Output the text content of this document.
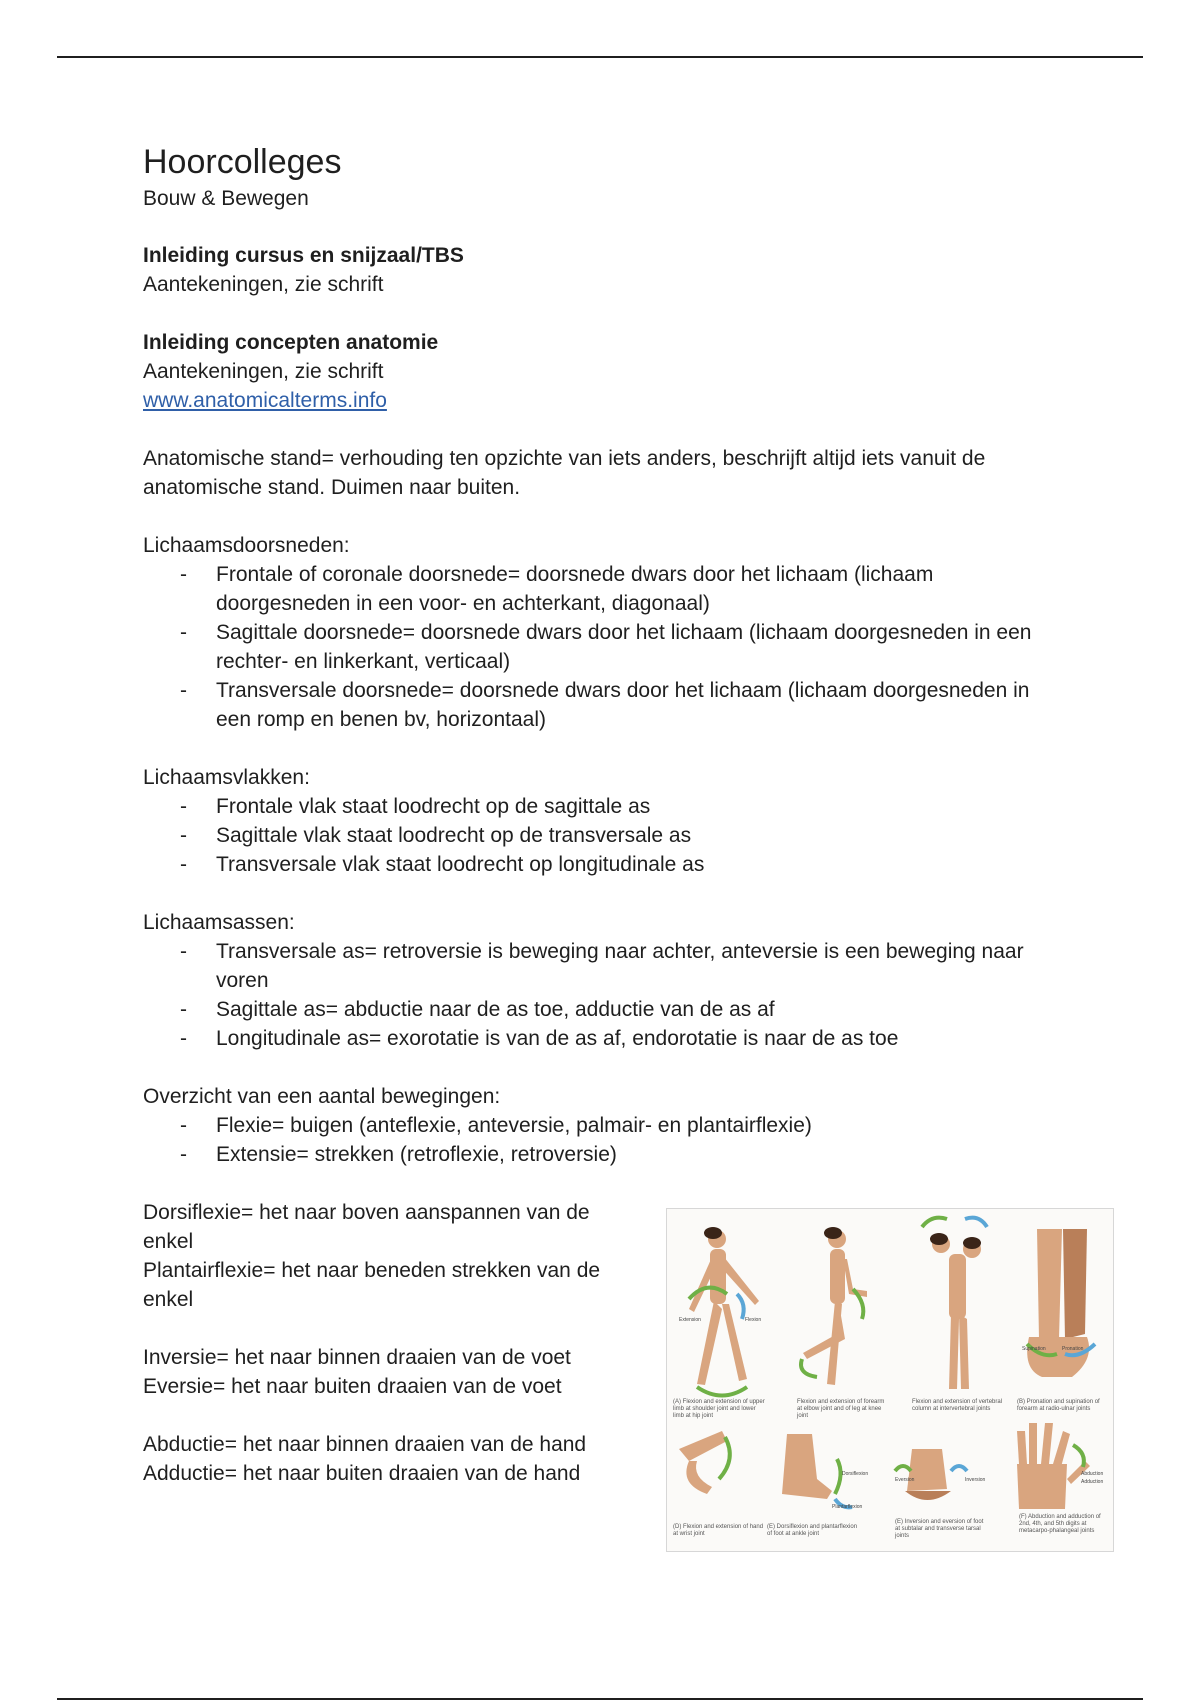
Hoorcolleges

Bouw & Bewegen

Inleiding cursus en snijzaal/TBS

Aantekeningen, zie schrift

Inleiding concepten anatomie

Aantekeningen, zie schrift

www.anatomicalterms.info

Anatomische stand= verhouding ten opzichte van iets anders, beschrijft altijd iets vanuit de anatomische stand. Duimen naar buiten.

Lichaamsdoorsneden:

- Frontale of coronale doorsnede= doorsnede dwars door het lichaam (lichaam doorgesneden in een voor- en achterkant, diagonaal)
- Sagittale doorsnede= doorsnede dwars door het lichaam (lichaam doorgesneden in een rechter- en linkerkant, verticaal)
- Transversale doorsnede= doorsnede dwars door het lichaam (lichaam doorgesneden in een romp en benen bv, horizontaal)

Lichaamsvlakken:

- Frontale vlak staat loodrecht op de sagittale as
- Sagittale vlak staat loodrecht op de transversale as
- Transversale vlak staat loodrecht op longitudinale as

Lichaamsassen:

- Transversale as= retroversie is beweging naar achter, anteversie is een beweging naar voren
- Sagittale as= abductie naar de as toe, adductie van de as af
- Longitudinale as= exorotatie is van de as af, endorotatie is naar de as toe

Overzicht van een aantal bewegingen:

- Flexie= buigen (anteflexie, anteversie, palmair- en plantairflexie)
- Extensie= strekken (retroflexie, retroversie)

Dorsiflexie= het naar boven aanspannen van de enkel

Plantairflexie= het naar beneden strekken van de enkel

Inversie= het naar binnen draaien van de voet

Eversie= het naar buiten draaien van de voet

Abductie= het naar binnen draaien van de hand

Adductie= het naar buiten draaien van de hand

Extension	Flexion
Pronation
Supination
Dorsiflexion
Plantarflexion
Eversion	Inversion
Abduction
Adduction
(A) Flexion and extension of upper limb at shoulder joint and lower limb at hip joint
Flexion and extension of forearm at elbow joint and of leg at knee joint
Flexion and extension of vertebral column at intervertebral joints
(B) Pronation and supination of forearm at radio-ulnar joints
(D) Flexion and extension of hand at wrist joint
(E) Dorsiflexion and plantarflexion of foot at ankle joint
(E) Inversion and eversion of foot at subtalar and transverse tarsal joints
(F) Abduction and adduction of 2nd, 4th, and 5th digits at metacarpo-phalangeal joints
